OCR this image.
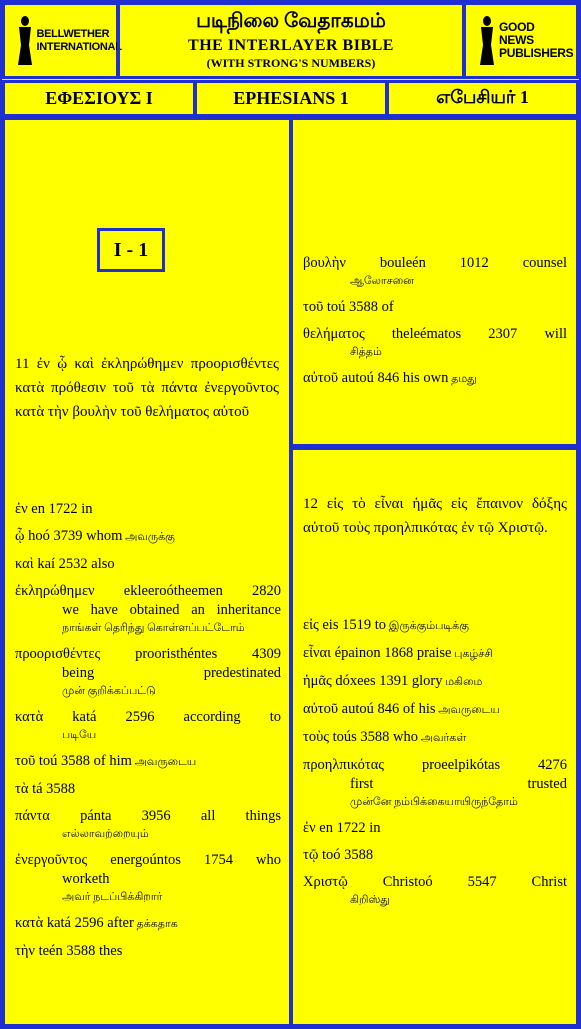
BELLWETHER INTERNATIONAL
படிநிலை வேதாகமம்
THE INTERLAYER BIBLE
(WITH STRONG'S NUMBERS)
GOOD NEWS PUBLISHERS
ΕΦΕΣΙΟΥΣ Ι	EPHESIANS 1	எபேசியர் 1
I - 1
11 ἐν ᾧ καὶ ἐκληρώθημεν προορισθέντες κατὰ πρόθεσιν τοῦ τὰ πάντα ἐνεργοῦντος κατὰ τὴν βουλὴν τοῦ θελήματος αὐτοῦ
ἐν en 1722 in
ᾧ hoó 3739 whom அவருக்கு
καὶ kaí 2532 also
ἐκληρώθημεν ekleeroótheemen 2820
we have obtained an inheritance
நாங்கள் தெரிந்து கொள்ளப்பட்டோம்
προορισθέντες prooristhéntes 4309
being predestinated
முன் குறிக்கப்பட்டு
κατὰ katá 2596 according to
படியே
τοῦ toú 3588 of him அவருடைய
τὰ tá 3588
πάντα pánta 3956 all things
எல்லாவற்றையும்
ἐνεργοῦντος energoúntos 1754 who
worketh
அவர் நடப்பிக்கிறார்
κατὰ katá 2596 after தக்கதாக
τὴν teén 3588 thes
βουλὴν bouleén 1012 counsel
ஆலோசனை
τοῦ toú 3588 of
θελήματος theleématos 2307 will
சித்தம்
αὐτοῦ autoú 846 his own தமது
12 εἰς τὸ εἶναι ἡμᾶς εἰς ἔπαινον δόξης αὐτοῦ τοὺς προηλπικότας ἐν τῷ Χριστῷ.
εἰς eis 1519 to இருக்கும்படிக்கு
εἶναι épainon 1868 praise புகழ்ச்சி
ἡμᾶς dóxees 1391 glory மகிமை
αὐτοῦ autoú 846 of his அவருடைய
τοὺς toús 3588 who அவர்கள்
προηλπικότας	proeelpikótas 4276
first trusted
முன்னே நம்பிக்கையாயிருந்தோம்
ἐν en 1722 in
τῷ toó 3588
Χριστῷ Christoó 5547 Christ
கிறிஸ்து
